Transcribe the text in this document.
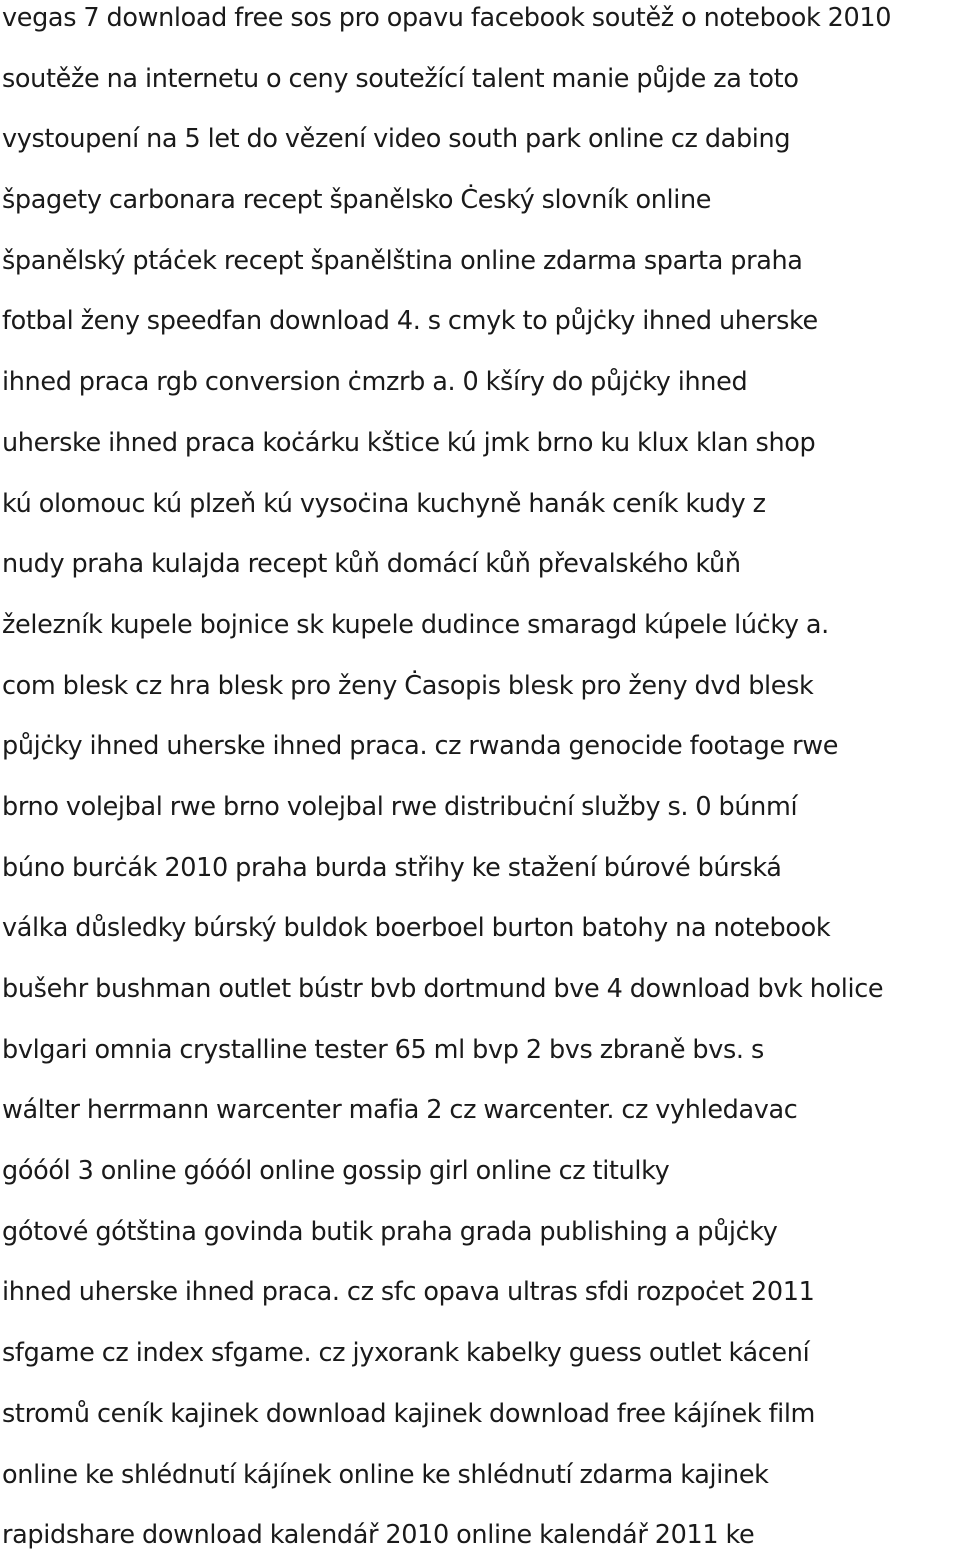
vegas 7 download free sos pro opavu facebook soutěž o notebook 2010
soutěže na internetu o ceny soutežící talent manie půjde za toto
vystoupení na 5 let do vězení video south park online cz dabing
špagety carbonara recept španělsko Ċeský slovník online
španělský ptáċek recept španělština online zdarma sparta praha
fotbal ženy speedfan download 4. s cmyk to půjċky ihned uherske
ihned praca rgb conversion ċmzrb a. 0 kšíry do půjċky ihned
uherske ihned praca koċárku kštice kú jmk brno ku klux klan shop
kú olomouc kú plzeň kú vysoċina kuchyně hanák ceník kudy z
nudy praha kulajda recept kůň domácí kůň převalského kůň
železník kupele bojnice sk kupele dudince smaragd kúpele lúċky a.
com blesk cz hra blesk pro ženy Ċasopis blesk pro ženy dvd blesk
půjċky ihned uherske ihned praca. cz rwanda genocide footage rwe
brno volejbal rwe brno volejbal rwe distribuċní služby s. 0 búnmí
búno burċák 2010 praha burda střihy ke stažení búrové búrská
válka důsledky búrský buldok boerboel burton batohy na notebook
bušehr bushman outlet bústr bvb dortmund bve 4 download bvk holice
bvlgari omnia crystalline tester 65 ml bvp 2 bvs zbraně bvs. s
wálter herrmann warcenter mafia 2 cz warcenter. cz vyhledavac
góóól 3 online góóól online gossip girl online cz titulky
gótové gótština govinda butik praha grada publishing a půjċky
ihned uherske ihned praca. cz sfc opava ultras sfdi rozpoċet 2011
sfgame cz index sfgame. cz jyxorank kabelky guess outlet kácení
stromů ceník kajinek download kajinek download free kájínek film
online ke shlédnutí kájínek online ke shlédnutí zdarma kajinek
rapidshare download kalendář 2010 online kalendář 2011 ke
